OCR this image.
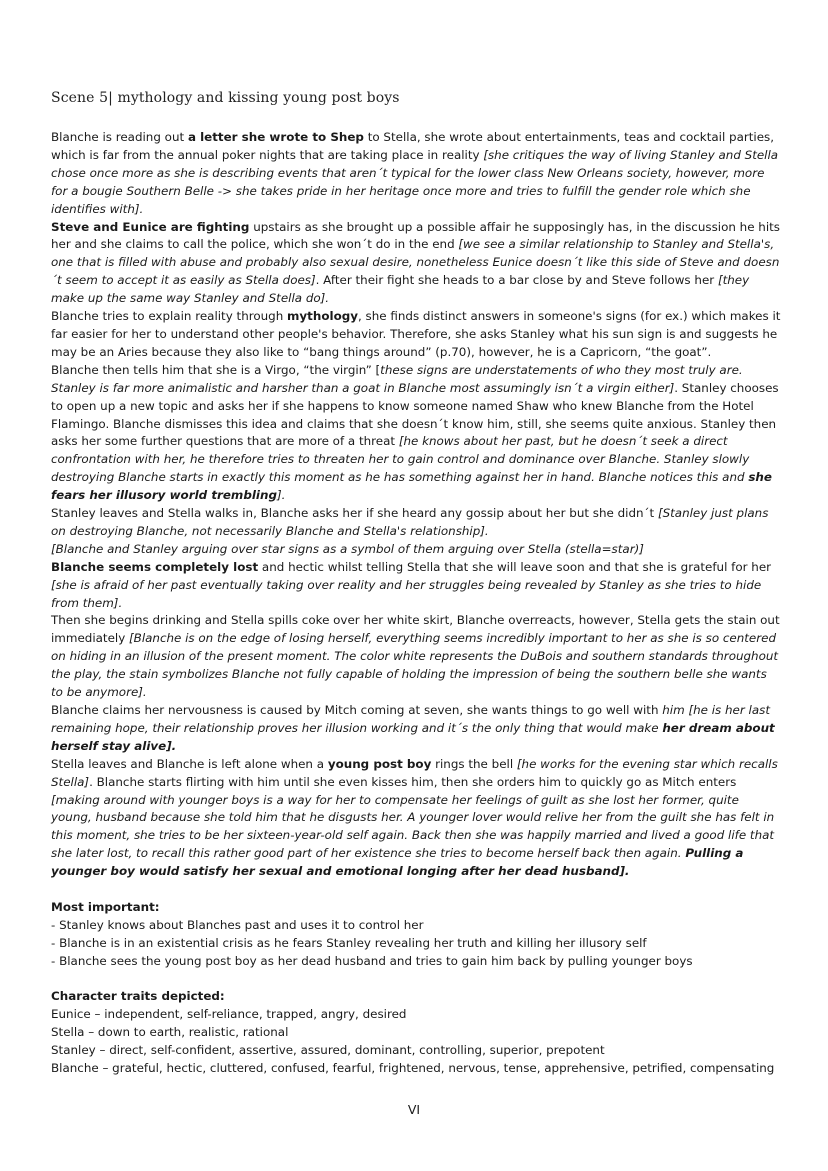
Scene 5| mythology and kissing young post boys

Blanche is reading out a letter she wrote to Shep to Stella, she wrote about entertainments, teas and cocktail parties, which is far from the annual poker nights that are taking place in reality [she critiques the way of living Stanley and Stella chose once more as she is describing events that aren´t typical for the lower class New Orleans society, however, more for a bougie Southern Belle -> she takes pride in her heritage once more and tries to fulfill the gender role which she identifies with].

Steve and Eunice are fighting upstairs as she brought up a possible affair he supposingly has, in the discussion he hits her and she claims to call the police, which she won´t do in the end [we see a similar relationship to Stanley and Stella's, one that is filled with abuse and probably also sexual desire, nonetheless Eunice doesn´t like this side of Steve and doesn´t seem to accept it as easily as Stella does]. After their fight she heads to a bar close by and Steve follows her [they make up the same way Stanley and Stella do].

Blanche tries to explain reality through mythology, she finds distinct answers in someone's signs (for ex.) which makes it far easier for her to understand other people's behavior. Therefore, she asks Stanley what his sun sign is and suggests he may be an Aries because they also like to “bang things around” (p.70), however, he is a Capricorn, “the goat”.

Blanche then tells him that she is a Virgo, “the virgin” [these signs are understatements of who they most truly are. Stanley is far more animalistic and harsher than a goat in Blanche most assumingly isn´t a virgin either]. Stanley chooses to open up a new topic and asks her if she happens to know someone named Shaw who knew Blanche from the Hotel Flamingo. Blanche dismisses this idea and claims that she doesn´t know him, still, she seems quite anxious. Stanley then asks her some further questions that are more of a threat [he knows about her past, but he doesn´t seek a direct confrontation with her, he therefore tries to threaten her to gain control and dominance over Blanche. Stanley slowly destroying Blanche starts in exactly this moment as he has something against her in hand. Blanche notices this and she fears her illusory world trembling].

Stanley leaves and Stella walks in, Blanche asks her if she heard any gossip about her but she didn´t [Stanley just plans on destroying Blanche, not necessarily Blanche and Stella's relationship].

[Blanche and Stanley arguing over star signs as a symbol of them arguing over Stella (stella=star)]

Blanche seems completely lost and hectic whilst telling Stella that she will leave soon and that she is grateful for her [she is afraid of her past eventually taking over reality and her struggles being revealed by Stanley as she tries to hide from them].

Then she begins drinking and Stella spills coke over her white skirt, Blanche overreacts, however, Stella gets the stain out immediately [Blanche is on the edge of losing herself, everything seems incredibly important to her as she is so centered on hiding in an illusion of the present moment. The color white represents the DuBois and southern standards throughout the play, the stain symbolizes Blanche not fully capable of holding the impression of being the southern belle she wants to be anymore].

Blanche claims her nervousness is caused by Mitch coming at seven, she wants things to go well with him [he is her last remaining hope, their relationship proves her illusion working and it´s the only thing that would make her dream about herself stay alive].

Stella leaves and Blanche is left alone when a young post boy rings the bell [he works for the evening star which recalls Stella]. Blanche starts flirting with him until she even kisses him, then she orders him to quickly go as Mitch enters [making around with younger boys is a way for her to compensate her feelings of guilt as she lost her former, quite young, husband because she told him that he disgusts her. A younger lover would relive her from the guilt she has felt in this moment, she tries to be her sixteen-year-old self again. Back then she was happily married and lived a good life that she later lost, to recall this rather good part of her existence she tries to become herself back then again. Pulling a younger boy would satisfy her sexual and emotional longing after her dead husband].

Most important:

- Stanley knows about Blanches past and uses it to control her

- Blanche is in an existential crisis as he fears Stanley revealing her truth and killing her illusory self

- Blanche sees the young post boy as her dead husband and tries to gain him back by pulling younger boys

Character traits depicted:

Eunice – independent, self-reliance, trapped, angry, desired

Stella – down to earth, realistic, rational

Stanley – direct, self-confident, assertive, assured, dominant, controlling, superior, prepotent

Blanche – grateful, hectic, cluttered, confused, fearful, frightened, nervous, tense, apprehensive, petrified, compensating

VI
